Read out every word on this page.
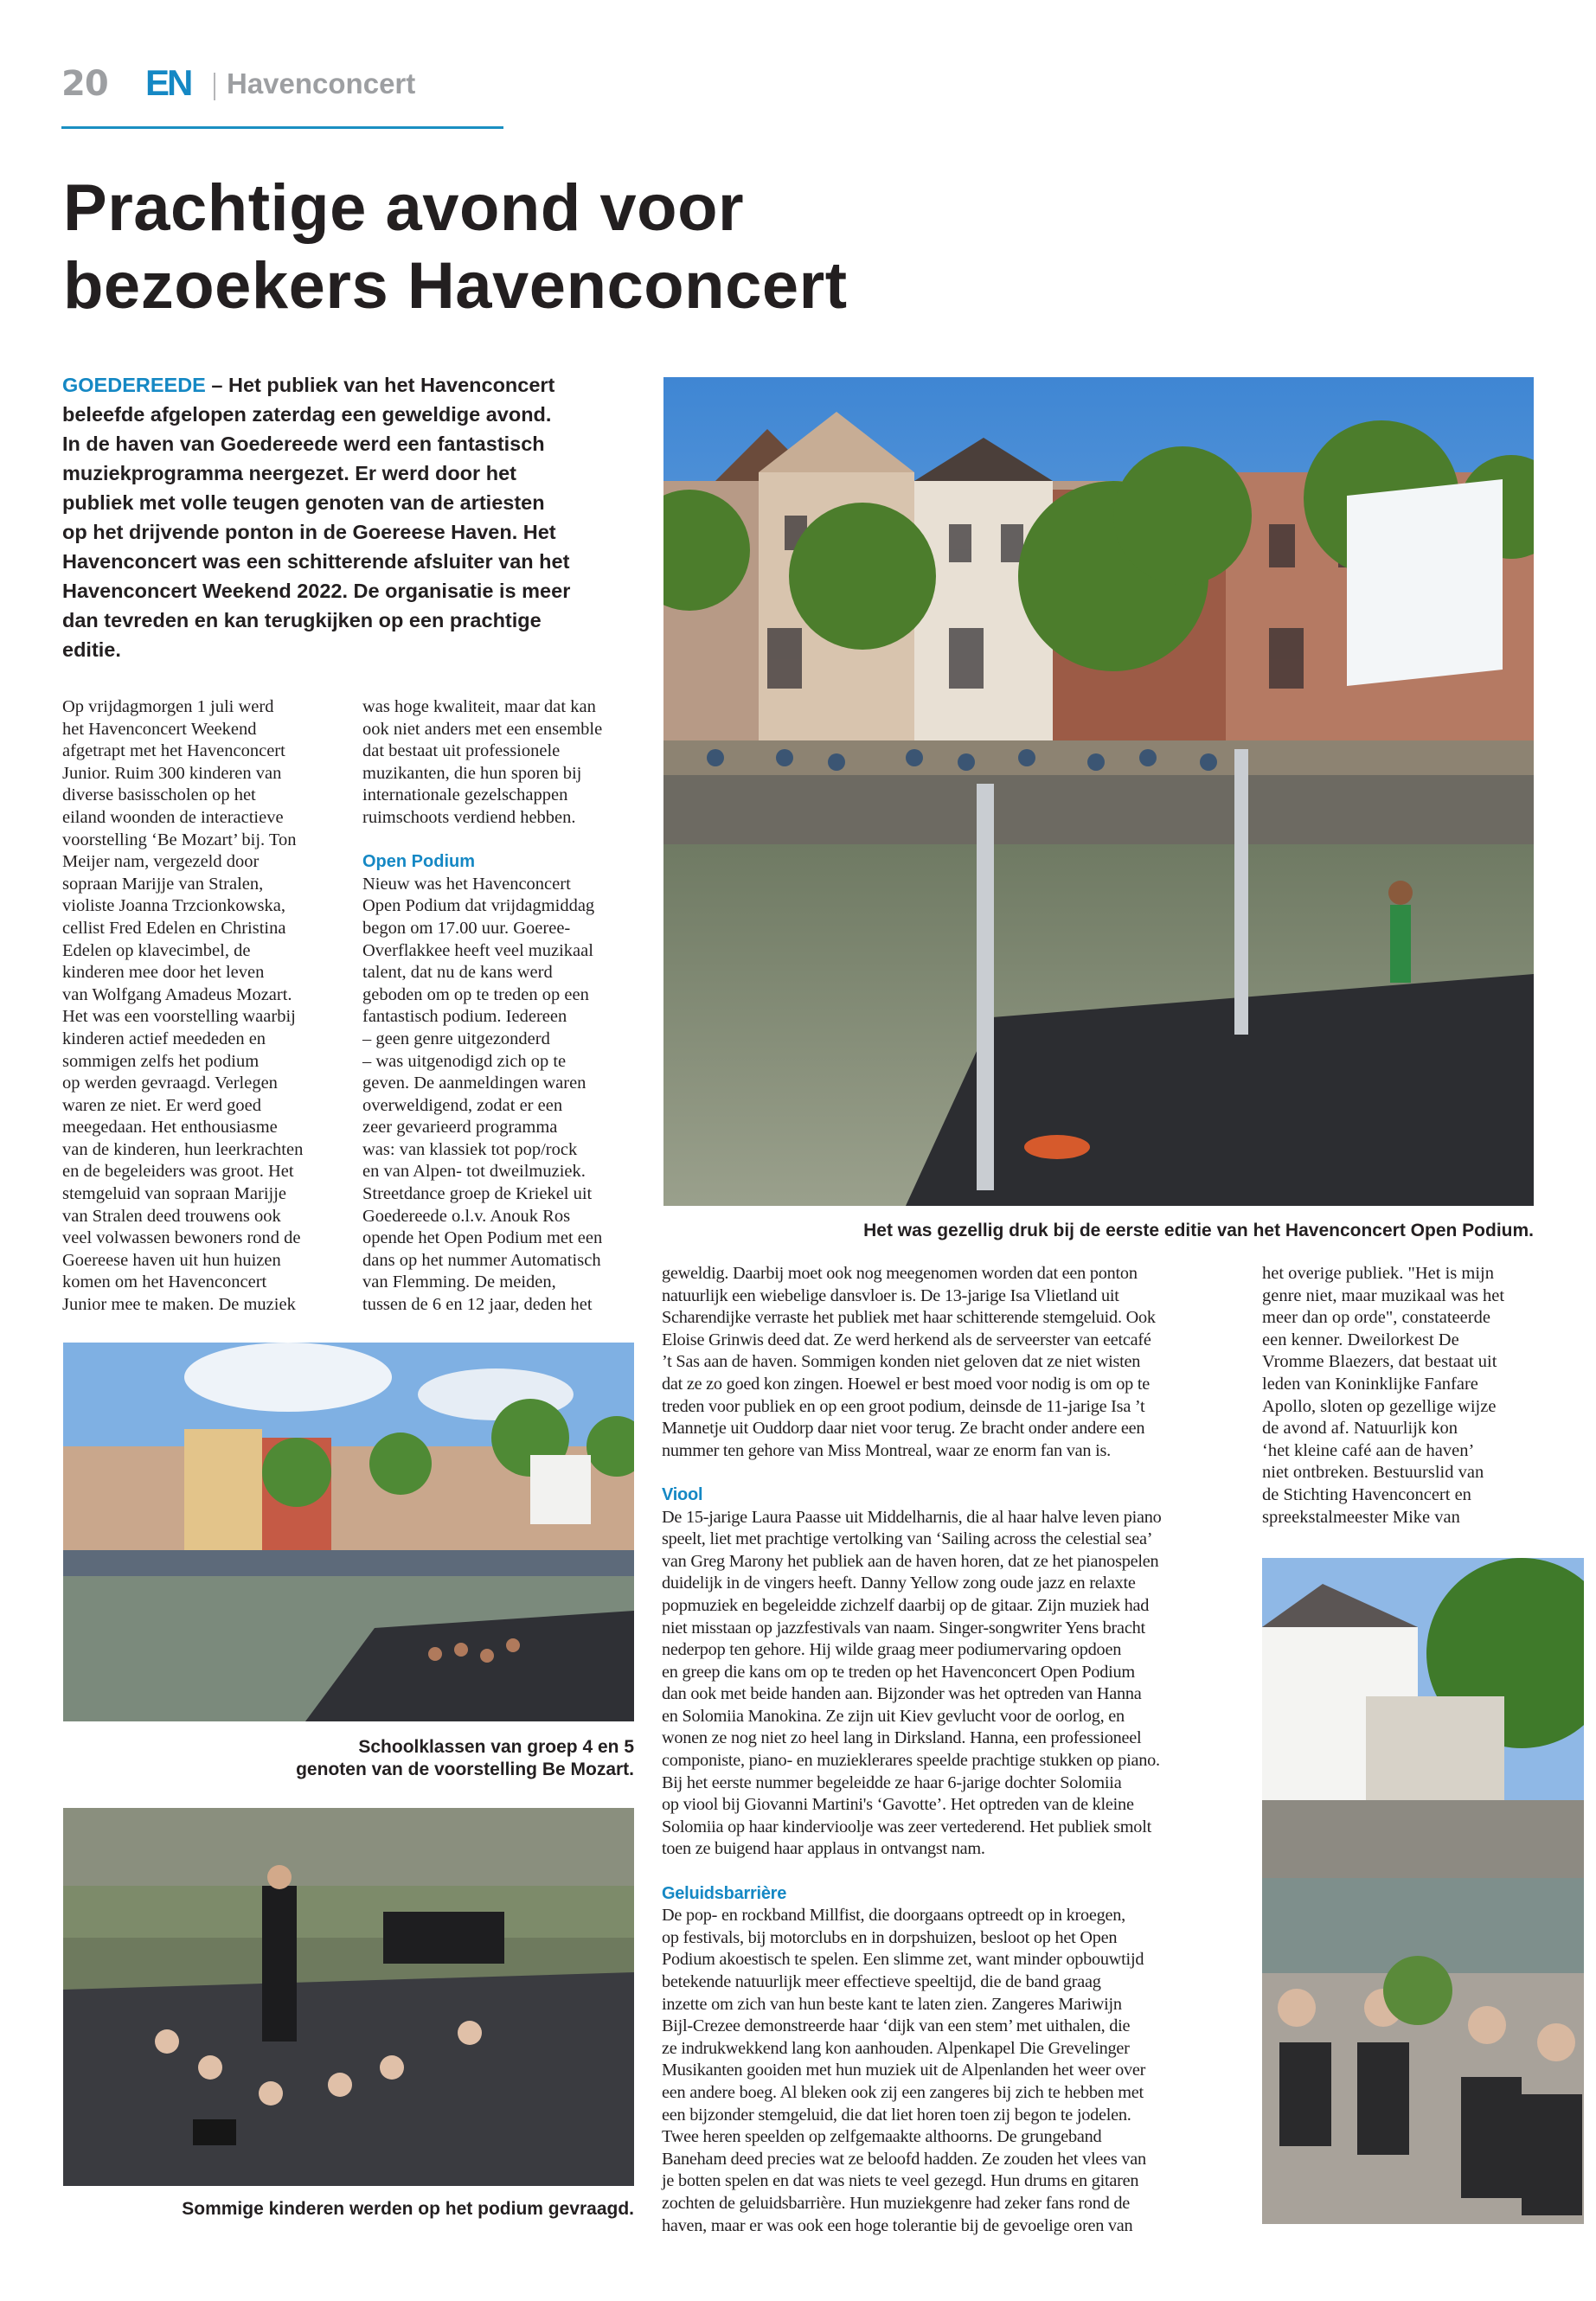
20 EN Havenconcert
Prachtige avond voor
bezoekers Havenconcert
GOEDEREEDE – Het publiek van het Havenconcert
beleefde afgelopen zaterdag een geweldige avond.
In de haven van Goedereede werd een fantastisch
muziekprogramma neergezet. Er werd door het
publiek met volle teugen genoten van de artiesten
op het drijvende ponton in de Goereese Haven. Het
Havenconcert was een schitterende afsluiter van het
Havenconcert Weekend 2022. De organisatie is meer
dan tevreden en kan terugkijken op een prachtige
editie.
Op vrijdagmorgen 1 juli werd
het Havenconcert Weekend
afgetrapt met het Havenconcert
Junior. Ruim 300 kinderen van
diverse basisscholen op het
eiland woonden de interactieve
voorstelling ‘Be Mozart’ bij. Ton
Meijer nam, vergezeld door
sopraan Marijje van Stralen,
violiste Joanna Trzcionkowska,
cellist Fred Edelen en Christina
Edelen op klavecimbel, de
kinderen mee door het leven
van Wolfgang Amadeus Mozart.
Het was een voorstelling waarbij
kinderen actief meededen en
sommigen zelfs het podium
op werden gevraagd. Verlegen
waren ze niet. Er werd goed
meegedaan. Het enthousiasme
van de kinderen, hun leerkrachten
en de begeleiders was groot. Het
stemgeluid van sopraan Marijje
van Stralen deed trouwens ook
veel volwassen bewoners rond de
Goereese haven uit hun huizen
komen om het Havenconcert
Junior mee te maken. De muziek
was hoge kwaliteit, maar dat kan
ook niet anders met een ensemble
dat bestaat uit professionele
muzikanten, die hun sporen bij
internationale gezelschappen
ruimschoots verdiend hebben.
Open Podium
Nieuw was het Havenconcert
Open Podium dat vrijdagmiddag
begon om 17.00 uur. Goeree-
Overflakkee heeft veel muzikaal
talent, dat nu de kans werd
geboden om op te treden op een
fantastisch podium. Iedereen
– geen genre uitgezonderd
– was uitgenodigd zich op te
geven. De aanmeldingen waren
overweldigend, zodat er een
zeer gevarieerd programma
was: van klassiek tot pop/rock
en van Alpen- tot dweilmuziek.
Streetdance groep de Kriekel uit
Goedereede o.l.v. Anouk Ros
opende het Open Podium met een
dans op het nummer Automatisch
van Flemming. De meiden,
tussen de 6 en 12 jaar, deden het
geweldig. Daarbij moet ook nog meegenomen worden dat een ponton
natuurlijk een wiebelige dansvloer is. De 13-jarige Isa Vlietland uit
Scharendijke verraste het publiek met haar schitterende stemgeluid. Ook
Eloise Grinwis deed dat. Ze werd herkend als de serveerster van eetcafé
’t Sas aan de haven. Sommigen konden niet geloven dat ze niet wisten
dat ze zo goed kon zingen. Hoewel er best moed voor nodig is om op te
treden voor publiek en op een groot podium, deinsde de 11-jarige Isa ’t
Mannetje uit Ouddorp daar niet voor terug. Ze bracht onder andere een
nummer ten gehore van Miss Montreal, waar ze enorm fan van is.
Viool
De 15-jarige Laura Paasse uit Middelharnis, die al haar halve leven piano
speelt, liet met prachtige vertolking van ‘Sailing across the celestial sea’
van Greg Marony het publiek aan de haven horen, dat ze het pianospelen
duidelijk in de vingers heeft. Danny Yellow zong oude jazz en relaxte
popmuziek en begeleidde zichzelf daarbij op de gitaar. Zijn muziek had
niet misstaan op jazzfestivals van naam. Singer-songwriter Yens bracht
nederpop ten gehore. Hij wilde graag meer podiumervaring opdoen
en greep die kans om op te treden op het Havenconcert Open Podium
dan ook met beide handen aan. Bijzonder was het optreden van Hanna
en Solomiia Manokina. Ze zijn uit Kiev gevlucht voor de oorlog, en
wonen ze nog niet zo heel lang in Dirksland. Hanna, een professioneel
componiste, piano- en muzieklerares speelde prachtige stukken op piano.
Bij het eerste nummer begeleidde ze haar 6-jarige dochter Solomiia
op viool bij Giovanni Martini's ‘Gavotte’. Het optreden van de kleine
Solomiia op haar kindervioolje was zeer vertederend. Het publiek smolt
toen ze buigend haar applaus in ontvangst nam.
Geluidsbarrière
De pop- en rockband Millfist, die doorgaans optreedt op in kroegen,
op festivals, bij motorclubs en in dorpshuizen, besloot op het Open
Podium akoestisch te spelen. Een slimme zet, want minder opbouwtijd
betekende natuurlijk meer effectieve speeltijd, die de band graag
inzette om zich van hun beste kant te laten zien. Zangeres Mariwijn
Bijl-Crezee demonstreerde haar ‘dijk van een stem’ met uithalen, die
ze indrukwekkend lang kon aanhouden. Alpenkapel Die Grevelinger
Musikanten gooiden met hun muziek uit de Alpenlanden het weer over
een andere boeg. Al bleken ook zij een zangeres bij zich te hebben met
een bijzonder stemgeluid, die dat liet horen toen zij begon te jodelen.
Twee heren speelden op zelfgemaakte althoorns. De grungeband
Baneham deed precies wat ze beloofd hadden. Ze zouden het vlees van
je botten spelen en dat was niets te veel gezegd. Hun drums en gitaren
zochten de geluidsbarrière. Hun muziekgenre had zeker fans rond de
haven, maar er was ook een hoge tolerantie bij de gevoelige oren van
het overige publiek. "Het is mijn
genre niet, maar muzikaal was het
meer dan op orde", constateerde
een kenner. Dweilorkest De
Vromme Blaezers, dat bestaat uit
leden van Koninklijke Fanfare
Apollo, sloten op gezellige wijze
de avond af. Natuurlijk kon
‘het kleine café aan de haven’
niet ontbreken. Bestuurslid van
de Stichting Havenconcert en
spreekstalmeester Mike van
Het was gezellig druk bij de eerste editie van het Havenconcert Open Podium.
Schoolklassen van groep 4 en 5
genoten van de voorstelling Be Mozart.
Sommige kinderen werden op het podium gevraagd.
